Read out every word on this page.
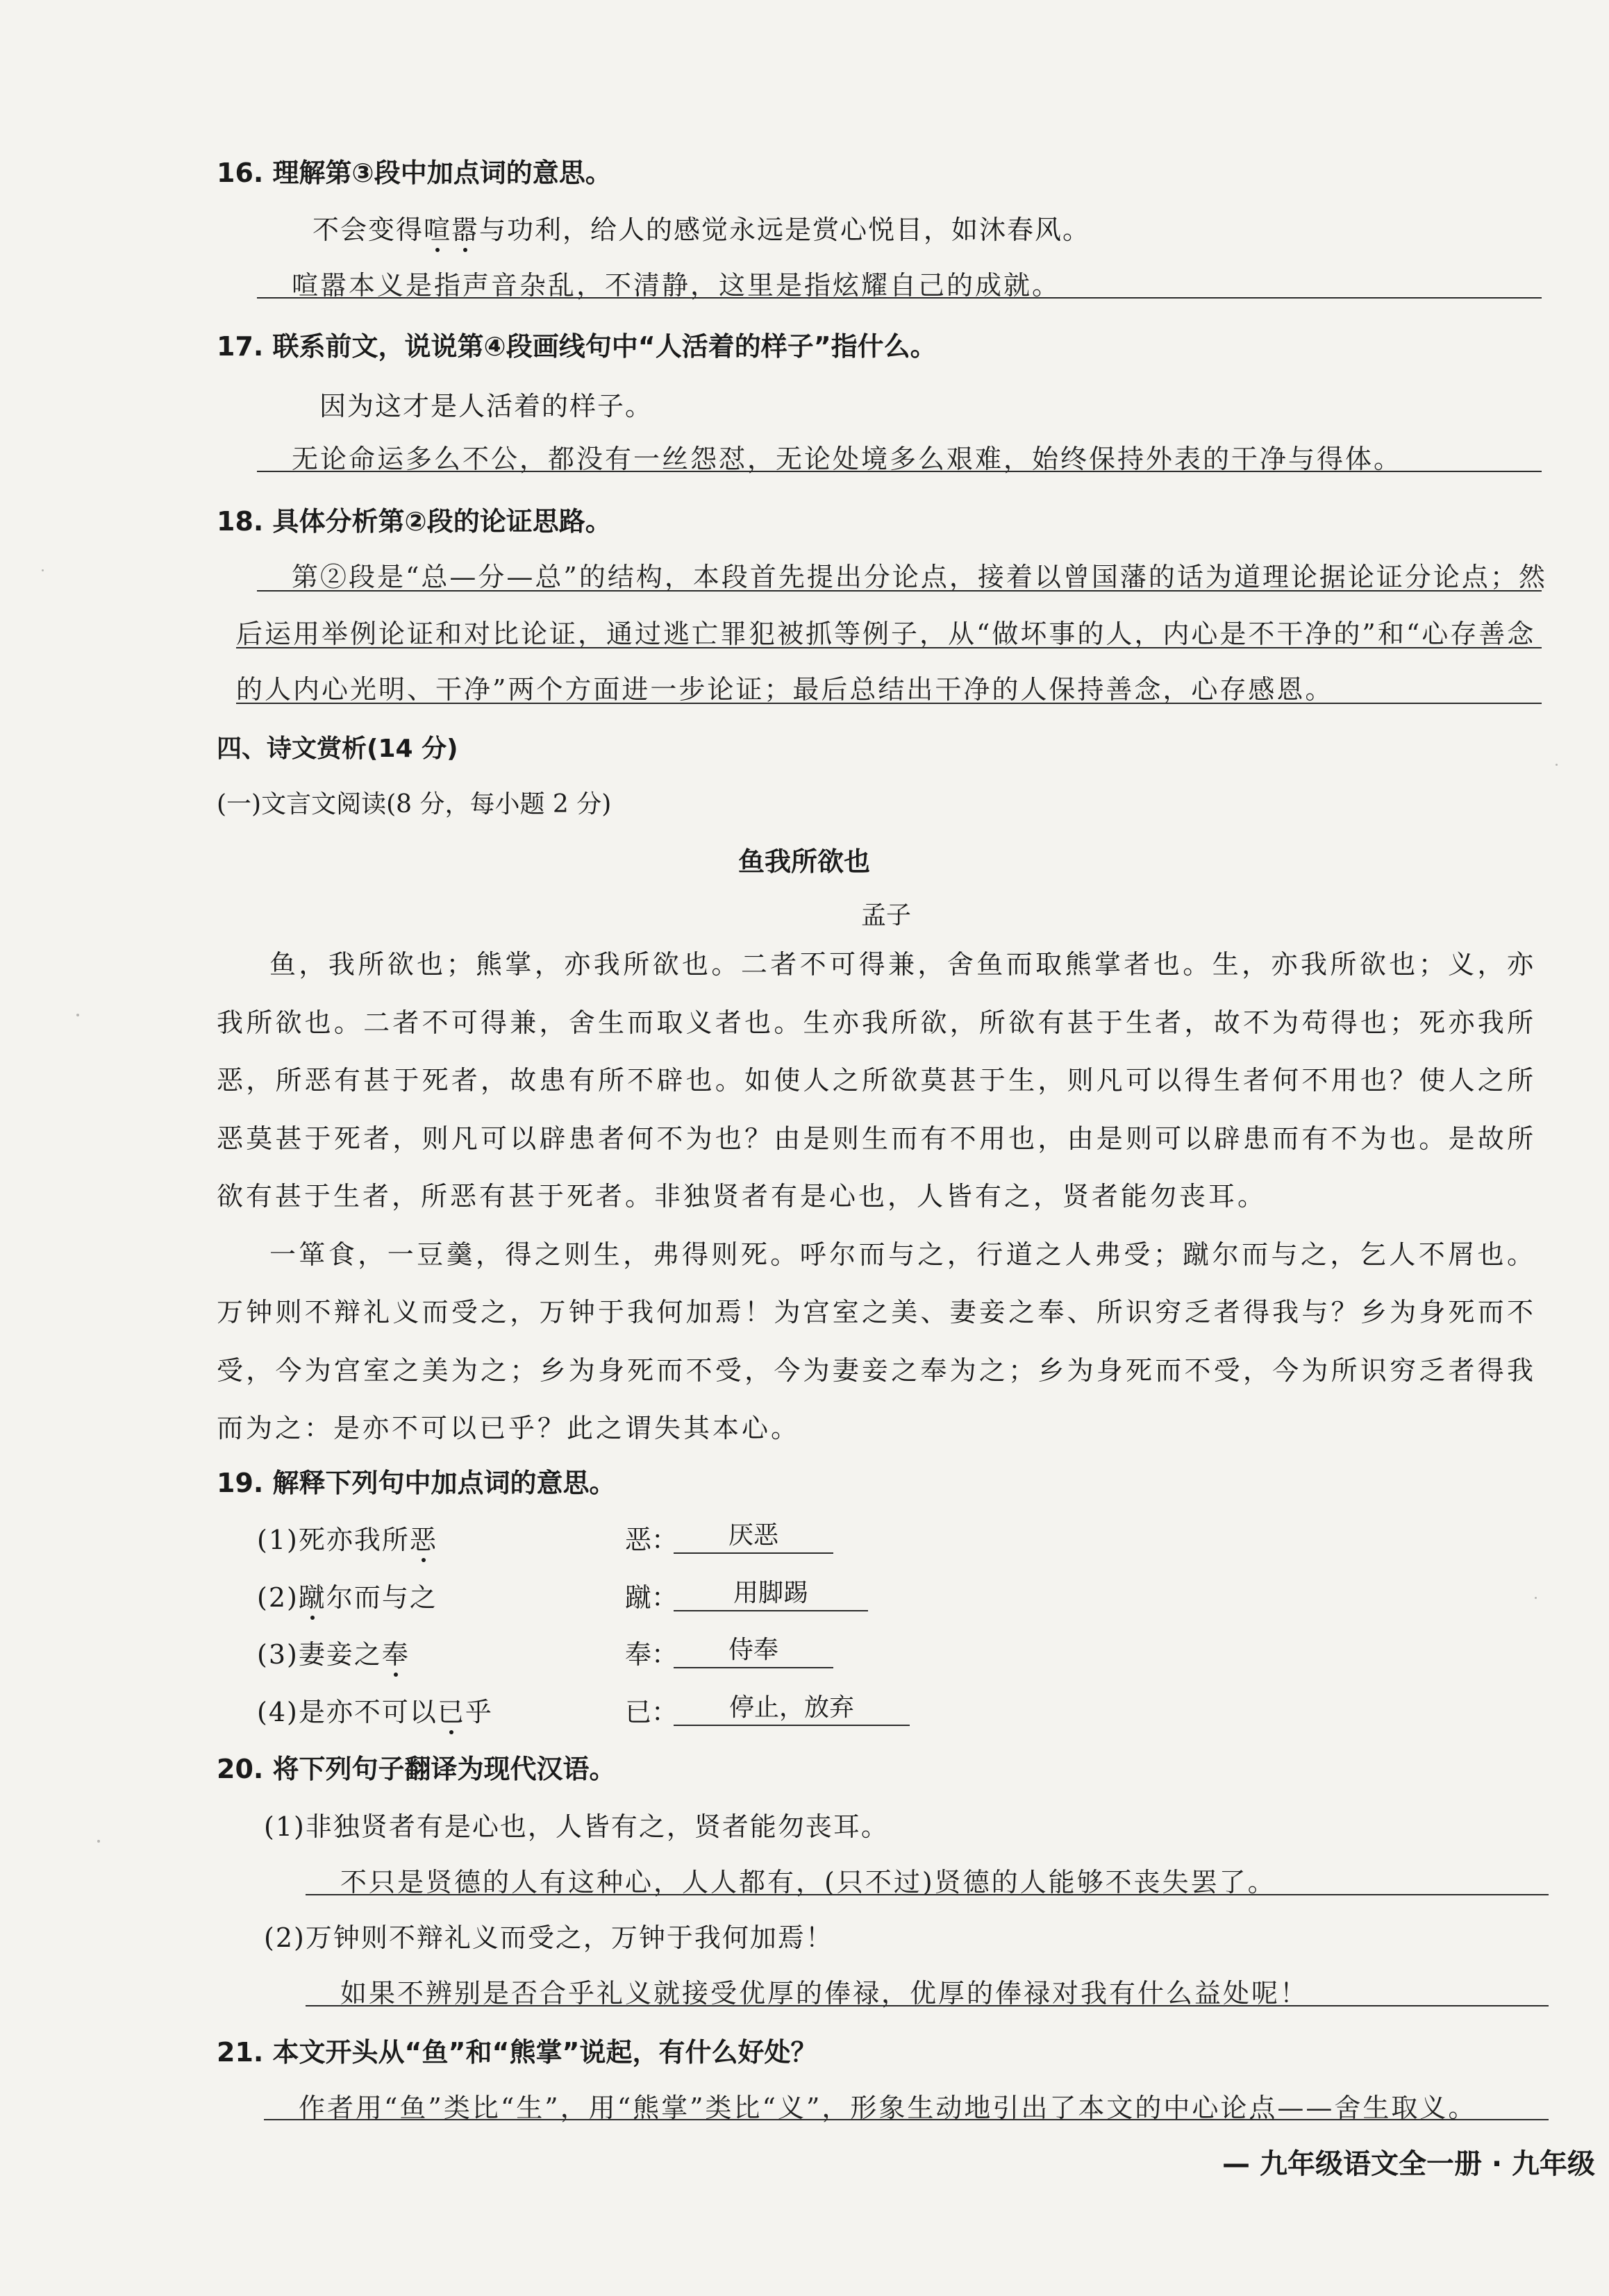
16. 理解第③段中加点词的意思。
不会变得喧嚣与功利，给人的感觉永远是赏心悦目，如沐春风。
喧嚣本义是指声音杂乱，不清静，这里是指炫耀自己的成就。
17. 联系前文，说说第④段画线句中“人活着的样子”指什么。
因为这才是人活着的样子。
无论命运多么不公，都没有一丝怨怼，无论处境多么艰难，始终保持外表的干净与得体。
18. 具体分析第②段的论证思路。
第②段是“总—分—总”的结构，本段首先提出分论点，接着以曾国藩的话为道理论据论证分论点；然
后运用举例论证和对比论证，通过逃亡罪犯被抓等例子，从“做坏事的人，内心是不干净的”和“心存善念
的人内心光明、干净”两个方面进一步论证；最后总结出干净的人保持善念，心存感恩。
四、诗文赏析(14 分)
(一)文言文阅读(8 分，每小题 2 分)
鱼我所欲也
孟子

鱼，我所欲也；熊掌，亦我所欲也。二者不可得兼，舍鱼而取熊掌者也。生，亦我所欲也；义，亦我所欲也。二者不可得兼，舍生而取义者也。生亦我所欲，所欲有甚于生者，故不为苟得也；死亦我所恶，所恶有甚于死者，故患有所不辟也。如使人之所欲莫甚于生，则凡可以得生者何不用也？使人之所恶莫甚于死者，则凡可以辟患者何不为也？由是则生而有不用也，由是则可以辟患而有不为也。是故所欲有甚于生者，所恶有甚于死者。非独贤者有是心也，人皆有之，贤者能勿丧耳。

一箪食，一豆羹，得之则生，弗得则死。呼尔而与之，行道之人弗受；蹴尔而与之，乞人不屑也。万钟则不辩礼义而受之，万钟于我何加焉！为宫室之美、妻妾之奉、所识穷乏者得我与？乡为身死而不受，今为宫室之美为之；乡为身死而不受，今为妻妾之奉为之；乡为身死而不受，今为所识穷乏者得我而为之：是亦不可以已乎？此之谓失其本心。

19. 解释下列句中加点词的意思。
(1)死亦我所恶	恶：	厌恶
(2)蹴尔而与之	蹴：	用脚踢
(3)妻妾之奉	奉：	侍奉
(4)是亦不可以已乎	已：	停止，放弃
20. 将下列句子翻译为现代汉语。
(1)非独贤者有是心也，人皆有之，贤者能勿丧耳。
不只是贤德的人有这种心，人人都有，(只不过)贤德的人能够不丧失罢了。
(2)万钟则不辩礼义而受之，万钟于我何加焉！
如果不辨别是否合乎礼义就接受优厚的俸禄，优厚的俸禄对我有什么益处呢！
21. 本文开头从“鱼”和“熊掌”说起，有什么好处？
作者用“鱼”类比“生”，用“熊掌”类比“义”，形象生动地引出了本文的中心论点——舍生取义。
— 九年级语文全一册 · 九年级
